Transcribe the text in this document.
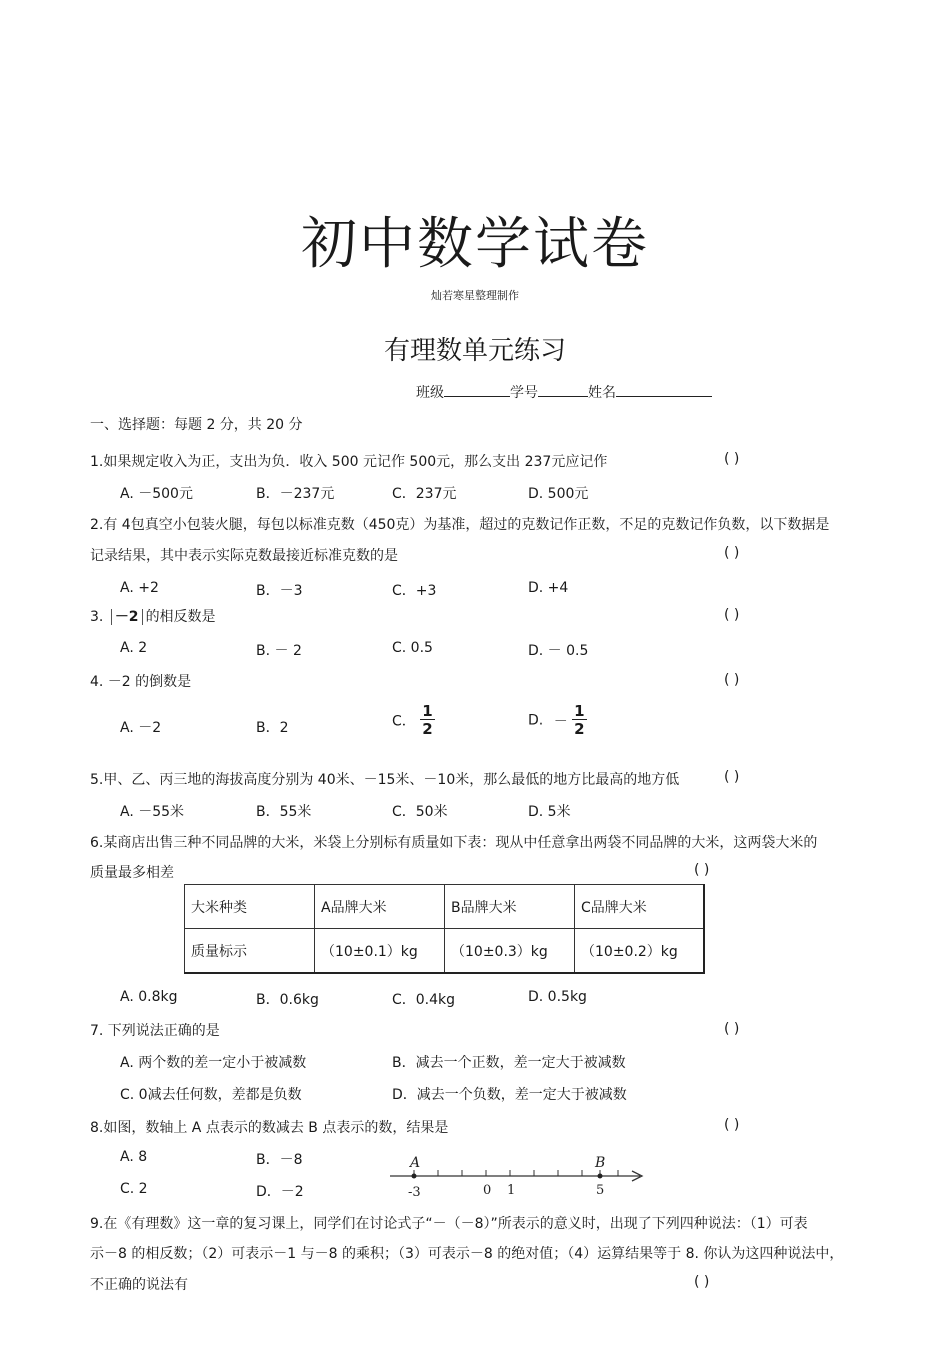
初中数学试卷
灿若寒星整理制作
有理数单元练习
班级	学号	姓名
一、选择题：每题 2 分，共 20 分
1.如果规定收入为正，支出为负．收入 500 元记作 500元，那么支出 237元应记作	( )
A. －500元	B．－237元	C．237元	D. 500元
2.有 4包真空小包装火腿，每包以标准克数（450克）为基准，超过的克数记作正数，不足的克数记作负数，以下数据是
记录结果，其中表示实际克数最接近标准克数的是	( )
A. +2	B．－3	C．+3	D. +4
3. －2 的相反数是	( )
A. 2	B. － 2	C. 0.5	D. － 0.5
4. －2 的倒数是	( )
A. －2	B．2	C． $\frac{1}{2}$	D. － $\frac{1}{2}$
5.甲、乙、丙三地的海拔高度分别为 40米、－15米、－10米，那么最低的地方比最高的地方低	( )
A. －55米	B．55米	C．50米	D. 5米
6.某商店出售三种不同品牌的大米，米袋上分别标有质量如下表：现从中任意拿出两袋不同品牌的大米，这两袋大米的
质量最多相差	( )
大米种类	A品牌大米	B品牌大米	C品牌大米
质量标示	（10±0.1）kg	（10±0.3）kg	（10±0.2）kg
A. 0.8kg	B．0.6kg	C．0.4kg	D. 0.5kg
7. 下列说法正确的是	( )
A. 两个数的差一定小于被减数	B．减去一个正数，差一定大于被减数
C. 0减去任何数，差都是负数	D．减去一个负数，差一定大于被减数
8.如图，数轴上 A 点表示的数减去 B 点表示的数，结果是	( )
A. 8	B．－8
C. 2	D．－2
A	B
-3	0 1	5
9.在《有理数》这一章的复习课上，同学们在讨论式子“－（－8）”所表示的意义时，出现了下列四种说法：（1）可表
示－8 的相反数；（2）可表示－1 与－8 的乘积；（3）可表示－8 的绝对值；（4）运算结果等于 8. 你认为这四种说法中，
不正确的说法有	( )
